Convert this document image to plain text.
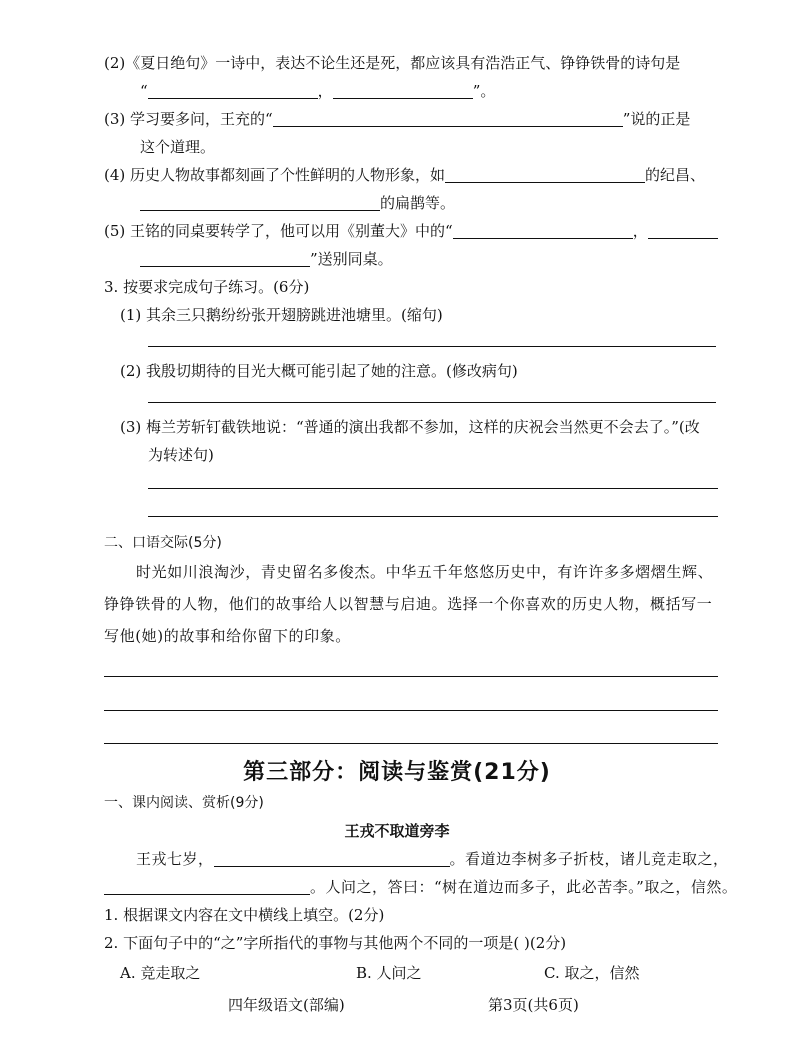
(2)《夏日绝句》一诗中，表达不论生还是死，都应该具有浩浩正气、铮铮铁骨的诗句是
“	，	”。
(3) 学习要多问，王充的“	”说的正是
这个道理。
(4) 历史人物故事都刻画了个性鲜明的人物形象，如	的纪昌、
的扁鹊等。
(5) 王铭的同桌要转学了，他可以用《别董大》中的“	，
”送别同桌。
3. 按要求完成句子练习。(6分)
(1) 其余三只鹅纷纷张开翅膀跳进池塘里。(缩句)
(2) 我殷切期待的目光大概可能引起了她的注意。(修改病句)
(3) 梅兰芳斩钉截铁地说：“普通的演出我都不参加，这样的庆祝会当然更不会去了。”(改
为转述句)
二、口语交际(5分)
时光如川浪淘沙，青史留名多俊杰。中华五千年悠悠历史中，有许许多多熠熠生辉、铮铮铁骨的人物，他们的故事给人以智慧与启迪。选择一个你喜欢的历史人物，概括写一写他(她)的故事和给你留下的印象。
第三部分：阅读与鉴赏(21分)
一、课内阅读、赏析(9分)
王戎不取道旁李
王戎七岁，	。看道边李树多子折枝，诸儿竞走取之，
。人问之，答曰：“树在道边而多子，此必苦李。”取之，信然。
1. 根据课文内容在文中横线上填空。(2分)
2. 下面句子中的“之”字所指代的事物与其他两个不同的一项是( )(2分)
A. 竞走取之	B. 人问之	C. 取之，信然
四年级语文(部编)	第3页(共6页)
